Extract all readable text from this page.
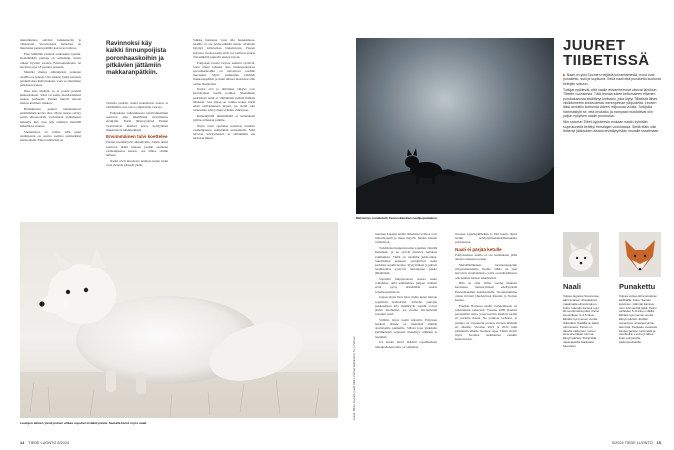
tunturikuntoa selvästi heikkenevää ja vähenevää. Vuosisatojen lannoitus on muuttanut pesien pääällä kasvavaa lajistoa.

Ensi nimittäin pesässä toukokuun lopulla. Keskimäärin pentuja on seitsemän, mutta oikein hyvänä vuonna Fennoskandiassa on havaittu jopa 18 pennun pesueita.

Mentäta muista eläinlajeista poiketen naalilla on pentuja vain aikana; jonka naarasta pentutiloissa lisää mukaan, vaan se sinnittelee poikasten kanssa.

Kun emo imettää, se ei poistu pesästä heikoistakaan. Siksi tai kaksi metsästämässä ruokaa perheelle. Pennut imevät emoon maitoa koirmen viikkoa.

Heinäkuussa pennut uskaltautuvat ensimmäisiä kertaa ulos. Myös naaras siirtyy pesän ulkopuolelle vartiomaan poikastensa leikkejä, kun uros käy edelleen metsällä hakemassa ruokaa.

Vaeltamassa on valttia, sillä pieni naalinpentu on sopiva saalista esimerkiksi maakotkalle. Emon tehtävänä on

Ravinnoksi käy kaikki linnunpoijista poronhaaskoihin ja pitkävien jättämiin makkaranpätkiin.

varitella pesästä, mutta kokematon naaras ei välttämättä osaa varoa ympäristön vaaroja.

Poikaskaan vaikutuksessa naalivanhemmat asettavat aina lähelläänsä turvallisissa etenijalle. Pesän läheisyydessä Pennut vaarolutevat hiemari kotoa hyödyntäen muistuttavia äänimerkkejä.

Ensimmäinen talvi koettelee

Pennut itsenäistyvät alkutalvella. Jotkin niistä saattavat jäädä samaan pesään asumaan vanhempiensa kanssa, osa lähtee omille teilleen.

Naalit eivät muodosta laumoja kuten sudet vaan elelevät pääosin yksin.

Vaikka laumassa voisi olla hauskempaa, naalille ei ole perhe-elämää kauan ottamatta hyödyä laittuvelian lännelolosta. Pienen kokonsa vuoksi naalit elvät voi saalistaa suuria riistaeläimiä joukolla uusien tavoin.

Pohjoisen luonto tarjoaa naaliesi syötäviä, joten niistä tahansa aina linnunpoikasista poronhaaskoihin on kelvattava naalille muonaksi. Myös patikoijien jättämät makkaranpätkät ja muut tähteet maistuvat sille vallan mainioiksi.

Naalat olot ja ilmiöiden vähyys ovat kasvattaneet naalin poikiaa. Yksinäinen pesimätön naali ei välttämättä pelkää ihmistä lainkaan. Sen sijaan se vaikka kokaa leiriä ensin uteliaisuuteen mysut, jos siellä vain ruokaanko edes joitain eväiden vähtanvaa.

Retkeilijöillä pihistämällä ei kuitenkaan pidä korvikkaan pitkille.

Näyet naali opettelee naaleista tunturin vanhempiensa esimerkkiä seuraamalla. Siltä talvesta selvitymiseen ei välttämättä ole taidoista hiinni.

Leutojen talvien yleistyminen uhkaa sopulien lisääntymistä. Samalla kärsii myös naali.
Kuvat: Mikko Pyykkä (naali) Mikko Pärkkä (tiaifakettu), Tom Pellinen
14 TIEDE LUONTO 5/2024
Metsästys romahdutti Fennoskandian naalipopulaation.
JUURET
TIIBETISSÄ

▶ Naali on yksi Suomen neljästä koiraeläimestä, muut ovat punakettu, susi ja supikoira. Sekä naali että punakettu kuuluvat kettujen sukuun.

Tutkijat epäilevät, että naalin esivanhemmat olisivat lähtöisin Tiibetin vuoristosta. Tätä teoriaa tukee kettumainen eläimen purukalustosta sisältänyt kivikaalu, joka löytyi Tiibetistä lähes viisikilometrin korkeudesta merenpinnan yläpuolelta. Levaen iäksi arvioitiin kolmesta viiteen miljoonaa vuotta. Tutkijoita hämmästytti se, että keukaluu ja hampaat muistuttivat niin paljon nykyisen naalin purukalua.

Niin sanotun Tiibet-hypoteesin mukaan naalin kylmään sopeutuneita kehittyi Himalajan vuoristossa. Siellä eläin olisi lähtenyt jääkauden aikana levittäytymään muualle maailmaan.

Suomen Lapissa naalin tärkeintä ravintoa ovat tunturisopulit ja muut myyrät. Niiden kannat vaihtelevat.

Todellisina huippuvuosina sopulien viinuilä kuitenkin, ja ne syövät tuntuvat kallaisia sammalista. Tämä on naalielle juhla-aikaa. Suurimman pentueet synnyttävät usein parhaina sopulivuosina. Tyytyvätkset ja pubaat naalinsamat pystyvät tuntomasan pakko jälkelläisiä.

Sopulien huippuvuosia seuraa usein romahdus, sillä sammalista puljaat tunturit eivät pysty elättämään suurta sopulipopulaatiota.

Joskus myös lisav lisav muita kuten lehtoja sopulinen kohtaloksi. Talvella pakojen pakkaamaan alla lisääntyvät sopulit voivat jäätyä kuoliaiksi, jos purina talvipäivänä sataakin vettä.

Välliöis myös naalit kärsivät. Erityisen hankala tilanne on itsenäistä elämää aloittaneille pennuille. Silloin jopa yhdeksän kymmenestä pennusta menehtyy nälkään ja tauteihin.

Jos leudot talvet lisäävät sopulikannan tuhonpalienen takia, se vaikuttaa

suoraan sopulisyklileihin ja tätä kautta myös naalin selviytymismahdollisuuksiin pohjoisessa.

Naali ei pärjää ketulle

Pohjoisnaissa naalia ei ole kuitenkaan jäätä ainaan onneensa noisen.

Metsällistäkusen luonnonsuojelun erityisasiantuntija Tuomo Ollila on yksi harvoista suomalaisista, joilla on mahdollisuus olla naalien kanssa tekemisissä.

Hän on ollut viime vuodet mukana kuomassa menestymisen edellytyksiä Fennoskandian naalikannalle. Suojeluruimina ollaan tiivissä yhteistyössä Ruotsin ja Norjan kanssa.

Etenkin Norjassa naalin varjelemiseen on suhtauduttu vakavasti. Vuonna 2000 maahan perustettiin tarha, jossa kootiin alkuista naalia eri puolilta maata. Ne poikivat tarhassa, ja pentuja on vapautettu puolen vuoden ikäisinä eri alueille. Vuosina 2021 ja 2022 niitä päästettiin lähelle Suomen rajaa. Tämä elvytti myös Suomen naalikantaa etenkin Käsivarressa.

Naali	Punakettu
Vulpes lagopus Suomensa äärimmäisen uhanalainen, maailmalla elinvoimainen. Koko: Hännän kanssa noin 90 senttimetriä pitkä. Paino suunnilleen 3–4,5 kiloa. Elinikä: kymmenen vuotta. Ulkonäkö: Naalilla on kaksi värimuotoa. Toinen on talvella valkoinen, toinen aina sinertävän tumma. Elinympäristö: Pohjoisilla napa-alueilla Alaskasta Siperiaan.
Vulpes vulpes Elinvoimainen kaikkialla. Koko: Saman kokoinen. Hännän kanssa noin 120 senttiä pitkä. Paino vaihtelee 5–8 kiloon välillä. Elinikä: kymmenen vuotta. Elinympäristö: Erittäin sopeutuva: eriasteet pinta-alan läpi. Tavataan metsissä, kaupungeissa, tuntureilla ja rannikoilla. Levinnyt lähes koko pohjoiselle pallonpuoliskolle.
5/2024 TIEDE LUONTO 15
